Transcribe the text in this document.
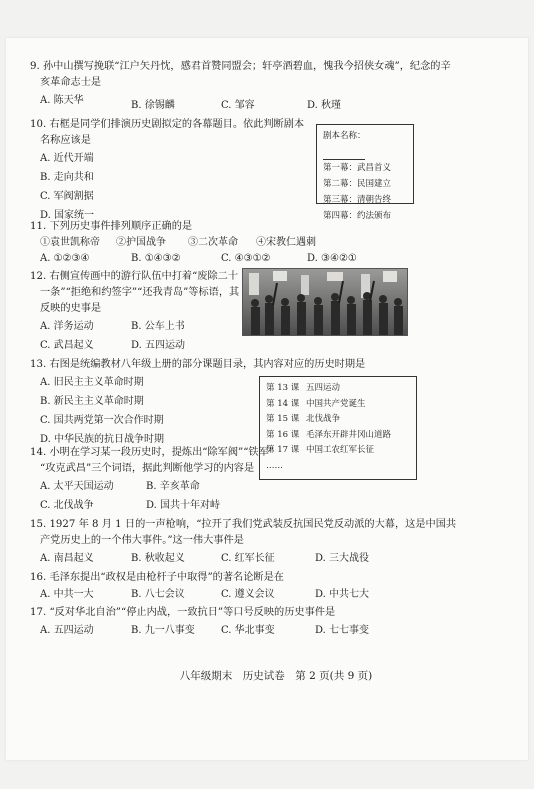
9. 孙中山撰写挽联“江户矢丹忱，感君首赞同盟会；轩亭酒碧血，愧我今招侠女魂”，纪念的辛
亥革命志士是
A. 陈天华	B. 徐锡麟	C. 邹容	D. 秋瑾
10. 右框是同学们排演历史剧拟定的各幕题目。依此判断剧本
名称应该是
A. 近代开端
B. 走向共和
C. 军阀割据
D. 国家统一
剧本名称：
第一幕：武昌首义
第二幕：民国建立
第三幕：清朝告终
第四幕：约法颁布
11. 下列历史事件排列顺序正确的是
①袁世凯称帝 ②护国战争 ③二次革命 ④宋教仁遇刺
A. ①②③④	B. ①④③②	C. ④③①②	D. ③④②①
12. 右侧宣传画中的游行队伍中打着“废除二十
一条”“拒绝和约签字”“还我青岛”等标语，其
反映的史事是
A. 洋务运动	B. 公车上书
C. 武昌起义	D. 五四运动
13. 右图是统编教材八年级上册的部分课题目录，其内容对应的历史时期是
A. 旧民主主义革命时期
B. 新民主主义革命时期
C. 国共两党第一次合作时期
D. 中华民族的抗日战争时期
第 13 课 五四运动
第 14 课 中国共产党诞生
第 15 课 北伐战争
第 16 课 毛泽东开辟井冈山道路
第 17 课 中国工农红军长征
……
14. 小明在学习某一段历史时，提炼出“除军阀”“铁军”
“攻克武昌”三个词语，据此判断他学习的内容是
A. 太平天国运动	B. 辛亥革命
C. 北伐战争	D. 国共十年对峙
15. 1927 年 8 月 1 日的一声枪响，“拉开了我们党武装反抗国民党反动派的大幕，这是中国共
产党历史上的一个伟大事件。”这一伟大事件是
A. 南昌起义	B. 秋收起义	C. 红军长征	D. 三大战役
16. 毛泽东提出“政权是由枪杆子中取得”的著名论断是在
A. 中共一大	B. 八七会议	C. 遵义会议	D. 中共七大
17. “反对华北自治”“停止内战，一致抗日”等口号反映的历史事件是
A. 五四运动	B. 九一八事变	C. 华北事变	D. 七七事变
八年级期末　历史试卷　第 2 页(共 9 页)
